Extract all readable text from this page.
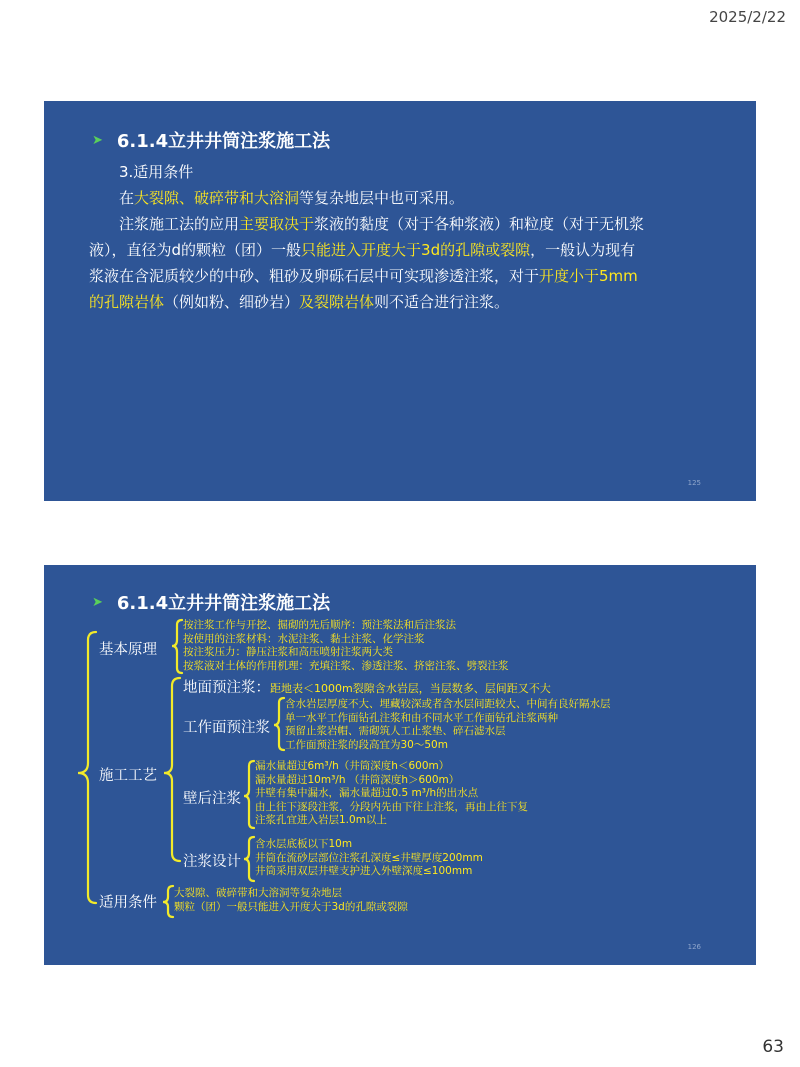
2025/2/22
➤ 6.1.4立井井筒注浆施工法

3.适用条件

在大裂隙、破碎带和大溶洞等复杂地层中也可采用。

注浆施工法的应用主要取决于浆液的黏度（对于各种浆液）和粒度（对于无机浆液），直径为d的颗粒（团）一般只能进入开度大于3d的孔隙或裂隙，一般认为现有浆液在含泥质较少的中砂、粗砂及卵砾石层中可实现渗透注浆，对于开度小于5mm的孔隙岩体（例如粉、细砂岩）及裂隙岩体则不适合进行注浆。

125
➤ 6.1.4立井井筒注浆施工法
基本原理
按注浆工作与开挖、掘砌的先后顺序：预注浆法和后注浆法
按使用的注浆材料：水泥注浆、黏土注浆、化学注浆
按注浆压力：静压注浆和高压喷射注浆两大类
按浆液对土体的作用机理：充填注浆、渗透注浆、挤密注浆、劈裂注浆
施工工艺
地面预注浆：距地表＜1000m裂隙含水岩层，当层数多、层间距又不大
工作面预注浆
含水岩层厚度不大、埋藏较深或者含水层间距较大、中间有良好隔水层
单一水平工作面钻孔注浆和由不同水平工作面钻孔注浆两种
预留止浆岩帽、需砌筑人工止浆垫、碎石滤水层
工作面预注浆的段高宜为30～50m
壁后注浆
漏水量超过6m³/h（井筒深度h＜600m）
漏水量超过10m³/h （井筒深度h＞600m）
井壁有集中漏水，漏水量超过0.5 m³/h的出水点
由上往下逐段注浆，分段内先由下往上注浆，再由上往下复
注浆孔宜进入岩层1.0m以上
注浆设计
含水层底板以下10m
井筒在流砂层部位注浆孔深度≤井壁厚度200mm
井筒采用双层井壁支护进入外壁深度≤100mm
适用条件
大裂隙、破碎带和大溶洞等复杂地层
颗粒（团）一般只能进入开度大于3d的孔隙或裂隙
126
63
